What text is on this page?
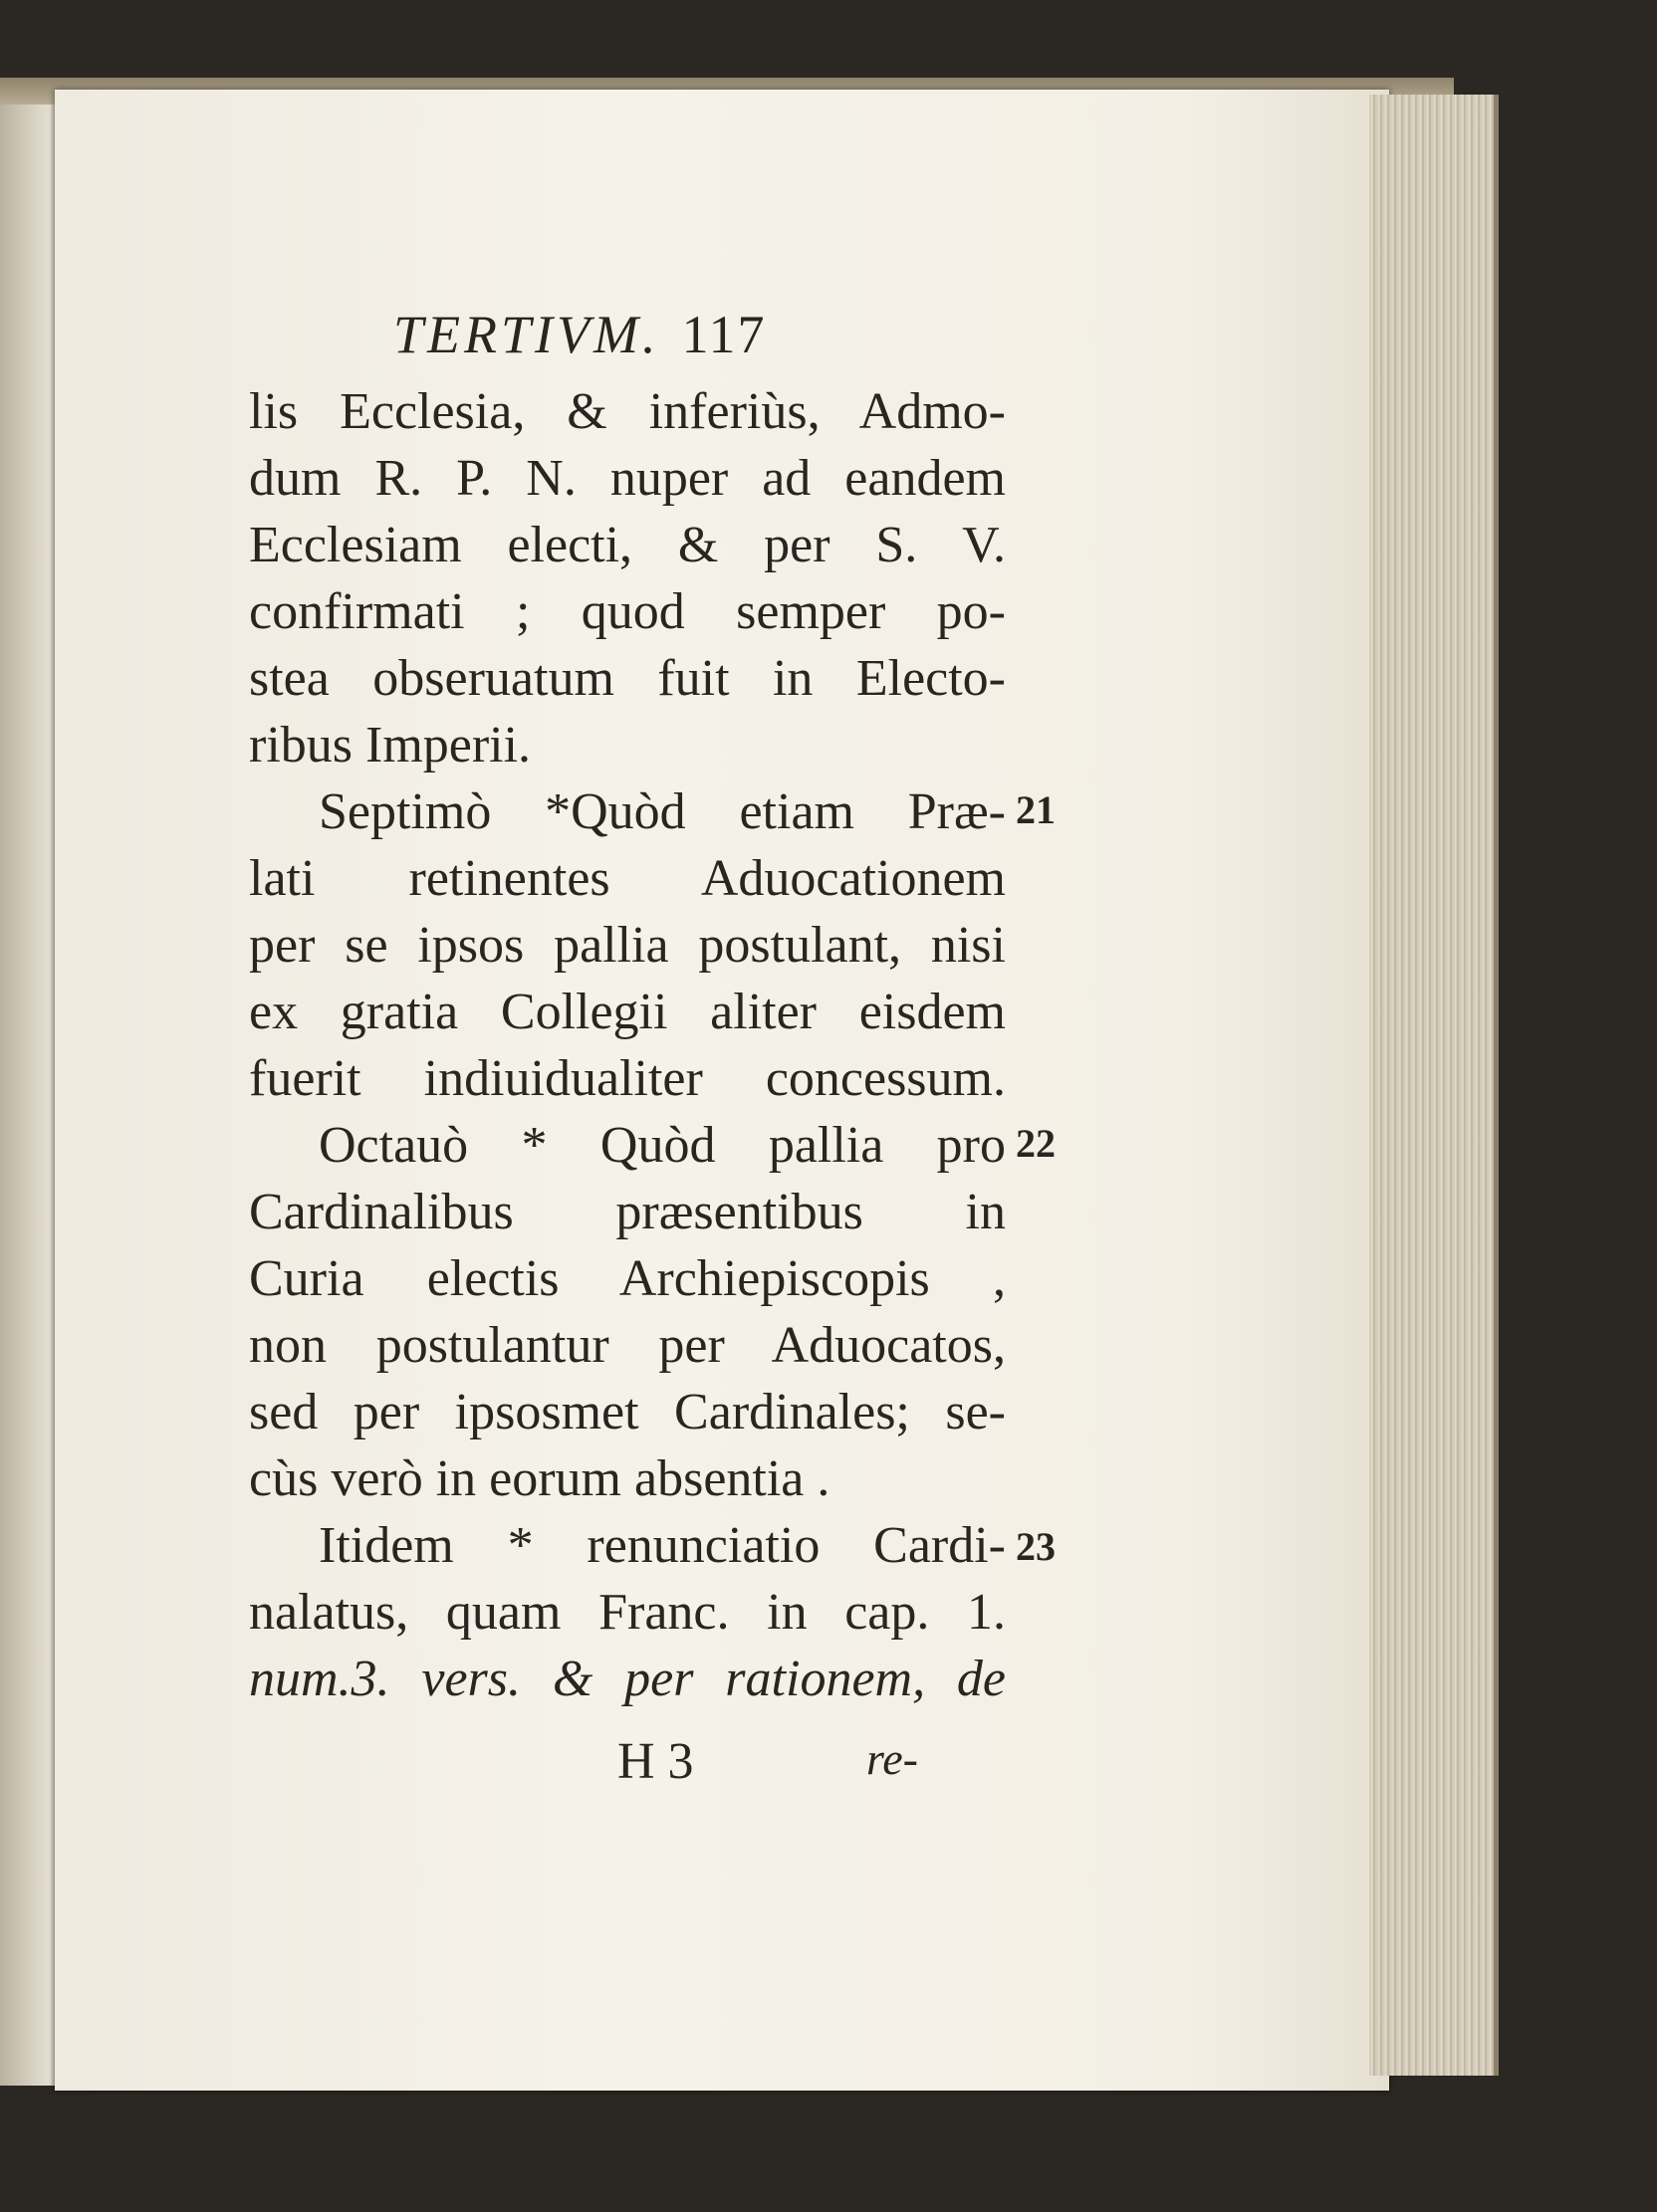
TERTIVM. 117
lis Ecclesia, & inferiùs, Admo-
dum R. P. N. nuper ad eandem
Ecclesiam electi, & per S. V.
confirmati ; quod semper po-
stea obseruatum fuit in Electo-
ribus Imperii.
Septimò *Quòd etiam Præ-
lati retinentes Aduocationem
per se ipsos pallia postulant, nisi
ex gratia Collegii aliter eisdem
fuerit indiuidualiter concessum.
Octauò * Quòd pallia pro
Cardinalibus præsentibus in
Curia electis Archiepiscopis ,
non postulantur per Aduocatos,
sed per ipsosmet Cardinales; se-
cùs verò in eorum absentia .
Itidem * renunciatio Cardi-
nalatus, quam Franc. in cap. 1.
num.3. vers. & per rationem, de
21
22
23
H 3	re-
